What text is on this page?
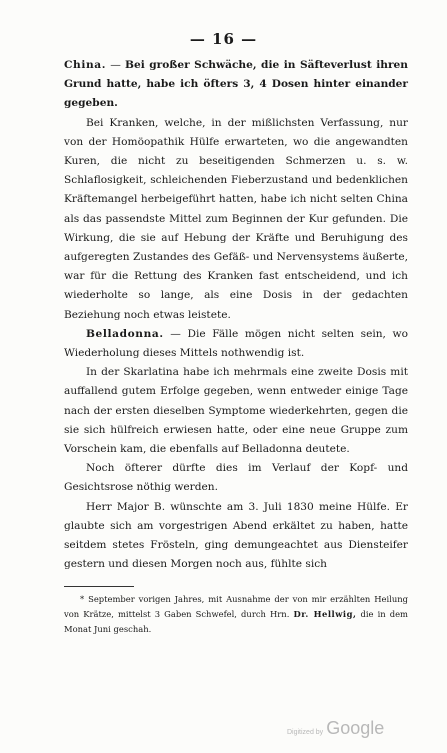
— 16 —

China. — Bei großer Schwäche, die in Säfteverlust ihren Grund hatte, habe ich öfters 3, 4 Dosen hinter einander gegeben.

Bei Kranken, welche, in der mißlichsten Verfassung, nur von der Homöopathik Hülfe erwarteten, wo die angewandten Kuren, die nicht zu beseitigenden Schmerzen u. s. w. Schlaflosigkeit, schleichenden Fieberzustand und bedenklichen Kräftemangel herbeigeführt hatten, habe ich nicht selten China als das passendste Mittel zum Beginnen der Kur gefunden. Die Wirkung, die sie auf Hebung der Kräfte und Beruhigung des aufgeregten Zustandes des Gefäß- und Nervensystems äußerte, war für die Rettung des Kranken fast entscheidend, und ich wiederholte so lange, als eine Dosis in der gedachten Beziehung noch etwas leistete.

Belladonna. — Die Fälle mögen nicht selten sein, wo Wiederholung dieses Mittels nothwendig ist.

In der Skarlatina habe ich mehrmals eine zweite Dosis mit auffallend gutem Erfolge gegeben, wenn entweder einige Tage nach der ersten dieselben Symptome wiederkehrten, gegen die sie sich hülfreich erwiesen hatte, oder eine neue Gruppe zum Vorschein kam, die ebenfalls auf Belladonna deutete.

Noch öfterer dürfte dies im Verlauf der Kopf- und Gesichtsrose nöthig werden.

Herr Major B. wünschte am 3. Juli 1830 meine Hülfe. Er glaubte sich am vorgestrigen Abend erkältet zu haben, hatte seitdem stetes Frösteln, ging demungeachtet aus Diensteifer gestern und diesen Morgen noch aus, fühlte sich

* September vorigen Jahres, mit Ausnahme der von mir erzählten Heilung von Krätze, mittelst 3 Gaben Schwefel, durch Hrn. Dr. Hellwig, die in dem Monat Juni geschah.

Digitized by Google
